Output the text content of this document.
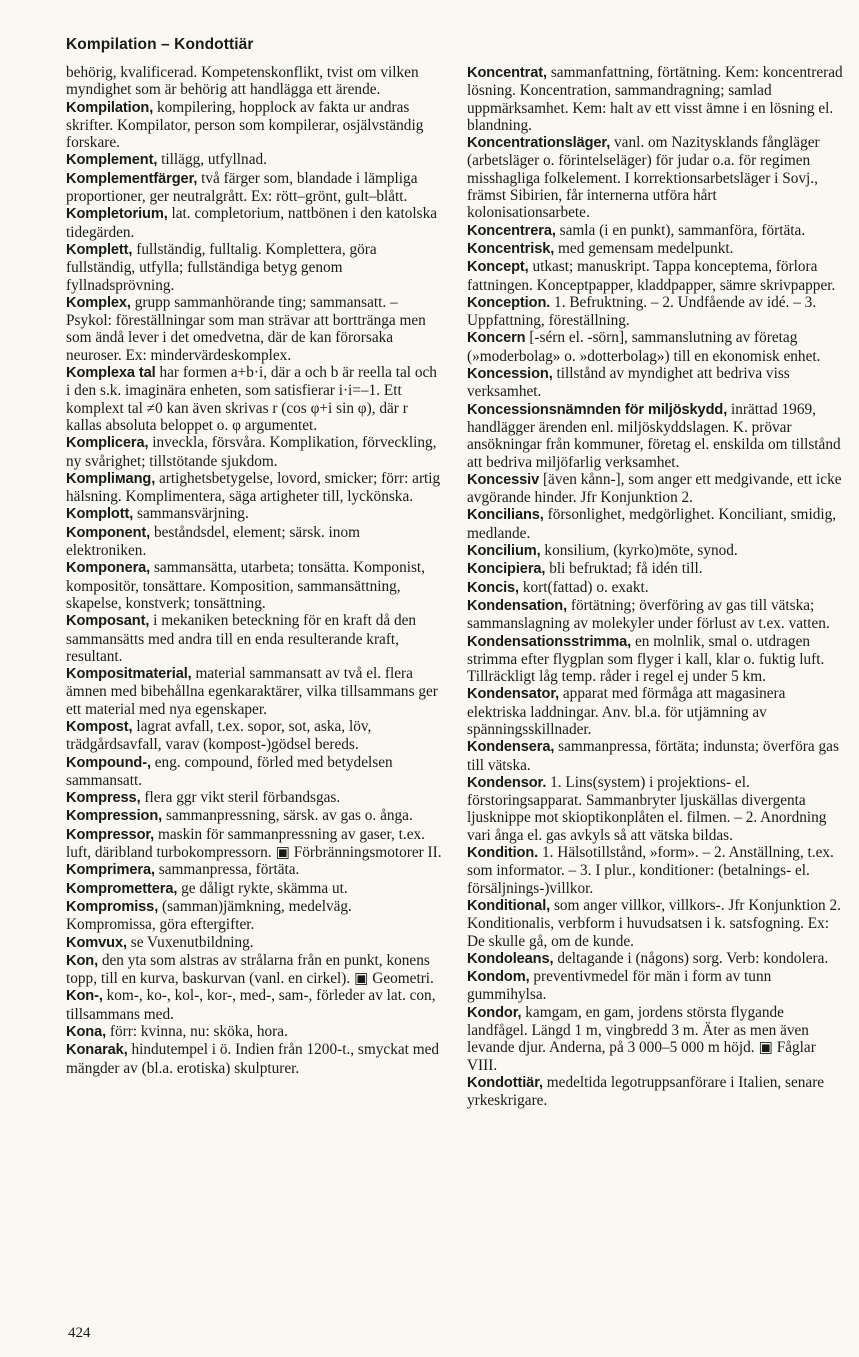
Kompilation – Kondottiär

behörig, kvalificerad. Kompetenskonflikt, tvist om vilken myndighet som är behörig att handlägga ett ärende.

Kompilation, kompilering, hopplock av fakta ur andras skrifter. Kompilator, person som kompilerar, osjälvständig forskare.

Komplement, tillägg, utfyllnad.

Komplementfärger, två färger som, blandade i lämpliga proportioner, ger neutralgrått. Ex: rött–grönt, gult–blått.

Kompletorium, lat. completorium, nattbönen i den katolska tidegärden.

Komplett, fullständig, fulltalig. Komplettera, göra fullständig, utfylla; fullständiga betyg genom fyllnadsprövning.

Komplex, grupp sammanhörande ting; sammansatt. – Psykol: föreställningar som man strävar att borttränga men som ändå lever i det omedvetna, där de kan förorsaka neuroser. Ex: mindervärdeskomplex.

Komplexa tal har formen a+b·i, där a och b är reella tal och i den s.k. imaginära enheten, som satisfierar i·i=–1. Ett komplext tal ≠0 kan även skrivas r (cos φ+i sin φ), där r kallas absoluta beloppet o. φ argumentet.

Komplicera, inveckla, försvåra. Komplikation, förveckling, ny svårighet; tillstötande sjukdom.

Kompliмang, artighetsbetygelse, lovord, smicker; förr: artig hälsning. Komplimentera, säga artigheter till, lyckönska.

Komplott, sammansvärjning.

Komponent, beståndsdel, element; särsk. inom elektroniken.

Komponera, sammansätta, utarbeta; tonsätta. Komponist, kompositör, tonsättare. Komposition, sammansättning, skapelse, konstverk; tonsättning.

Komposant, i mekaniken beteckning för en kraft då den sammansätts med andra till en enda resulterande kraft, resultant.

Kompositmaterial, material sammansatt av två el. flera ämnen med bibehållna egenkaraktärer, vilka tillsammans ger ett material med nya egenskaper.

Kompost, lagrat avfall, t.ex. sopor, sot, aska, löv, trädgårdsavfall, varav (kompost-)gödsel bereds.

Kompound-, eng. compound, förled med betydelsen sammansatt.

Kompress, flera ggr vikt steril förbandsgas.

Kompression, sammanpressning, särsk. av gas o. ånga.

Kompressor, maskin för sammanpressning av gaser, t.ex. luft, däribland turbokompressorn. ▣ Förbränningsmotorer II.

Komprimera, sammanpressa, förtäta.

Kompromettera, ge dåligt rykte, skämma ut.

Kompromiss, (samman)jämkning, medelväg. Kompromissa, göra eftergifter.

Komvux, se Vuxenutbildning.

Kon, den yta som alstras av strålarna från en punkt, konens topp, till en kurva, baskurvan (vanl. en cirkel). ▣ Geometri.

Kon-, kom-, ko-, kol-, kor-, med-, sam-, förleder av lat. con, tillsammans med.

Kona, förr: kvinna, nu: sköka, hora.

Konarak, hindutempel i ö. Indien från 1200-t., smyckat med mängder av (bl.a. erotiska) skulpturer.

Koncentrat, sammanfattning, förtätning. Kem: koncentrerad lösning. Koncentration, sammandragning; samlad uppmärksamhet. Kem: halt av ett visst ämne i en lösning el. blandning.

Koncentrationsläger, vanl. om Nazitysklands fångläger (arbetsläger o. förintelseläger) för judar o.a. för regimen misshagliga folkelement. I korrektionsarbetsläger i Sovj., främst Sibirien, får internerna utföra hårt kolonisationsarbete.

Koncentrera, samla (i en punkt), sammanföra, förtäta.

Koncentrisk, med gemensam medelpunkt.

Koncept, utkast; manuskript. Tappa konceptema, förlora fattningen. Konceptpapper, kladdpapper, sämre skrivpapper.

Konception. 1. Befruktning. – 2. Undfående av idé. – 3. Uppfattning, föreställning.

Koncern [-sérn el. -sörn], sammanslutning av företag (»moderbolag» o. »dotterbolag») till en ekonomisk enhet.

Koncession, tillstånd av myndighet att bedriva viss verksamhet.

Koncessionsnämnden för miljöskydd, inrättad 1969, handlägger ärenden enl. miljöskyddslagen. K. prövar ansökningar från kommuner, företag el. enskilda om tillstånd att bedriva miljöfarlig verksamhet.

Koncessiv [även kånn-], som anger ett medgivande, ett icke avgörande hinder. Jfr Konjunktion 2.

Koncilians, försonlighet, medgörlighet. Konciliant, smidig, medlande.

Koncilium, konsilium, (kyrko)möte, synod.

Koncipiera, bli befruktad; få idén till.

Koncis, kort(fattad) o. exakt.

Kondensation, förtätning; överföring av gas till vätska; sammanslagning av molekyler under förlust av t.ex. vatten.

Kondensationsstrimma, en molnlik, smal o. utdragen strimma efter flygplan som flyger i kall, klar o. fuktig luft. Tillräckligt låg temp. råder i regel ej under 5 km.

Kondensator, apparat med förmåga att magasinera elektriska laddningar. Anv. bl.a. för utjämning av spänningsskillnader.

Kondensera, sammanpressa, förtäta; indunsta; överföra gas till vätska.

Kondensor. 1. Lins(system) i projektions- el. förstoringsapparat. Sammanbryter ljuskällas divergenta ljusknippe mot skioptikonplåten el. filmen. – 2. Anordning vari ånga el. gas avkyls så att vätska bildas.

Kondition. 1. Hälsotillstånd, »form». – 2. Anställning, t.ex. som informator. – 3. I plur., konditioner: (betalnings- el. försäljnings-)villkor.

Konditional, som anger villkor, villkors-. Jfr Konjunktion 2. Konditionalis, verbform i huvudsatsen i k. satsfogning. Ex: De skulle gå, om de kunde.

Kondoleans, deltagande i (någons) sorg. Verb: kondolera.

Kondom, preventivmedel för män i form av tunn gummihylsa.

Kondor, kamgam, en gam, jordens största flygande landfågel. Längd 1 m, vingbredd 3 m. Äter as men även levande djur. Anderna, på 3 000–5 000 m höjd. ▣ Fåglar VIII.

Kondottiär, medeltida legotruppsanförare i Italien, senare yrkeskrigare.

424
